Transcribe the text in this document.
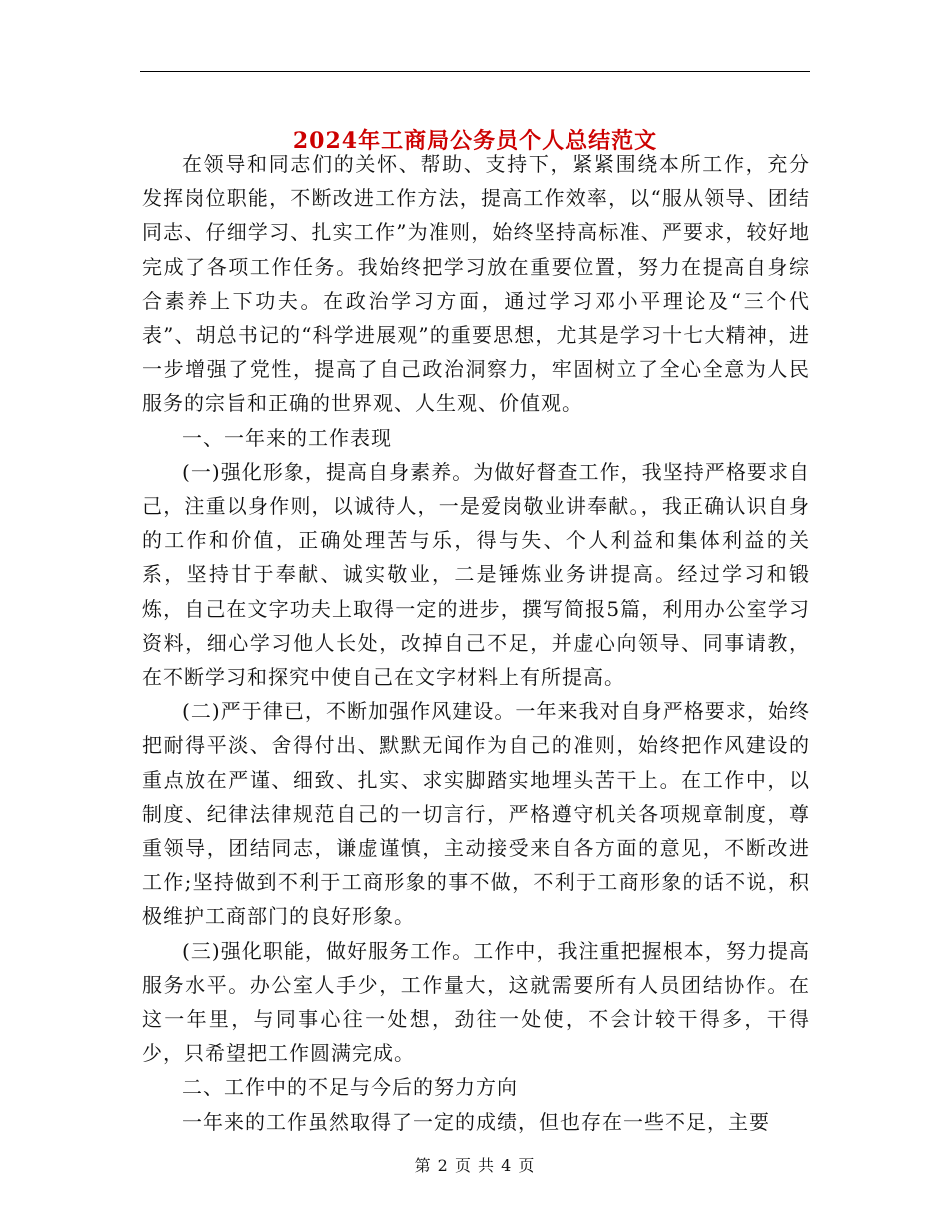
2024年工商局公务员个人总结范文

在领导和同志们的关怀、帮助、支持下，紧紧围绕本所工作，充分发挥岗位职能，不断改进工作方法，提高工作效率，以“服从领导、团结同志、仔细学习、扎实工作”为准则，始终坚持高标准、严要求，较好地完成了各项工作任务。我始终把学习放在重要位置，努力在提高自身综合素养上下功夫。在政治学习方面，通过学习邓小平理论及“三个代表”、胡总书记的“科学进展观”的重要思想，尤其是学习十七大精神，进一步增强了党性，提高了自己政治洞察力，牢固树立了全心全意为人民服务的宗旨和正确的世界观、人生观、价值观。

一、一年来的工作表现

(一)强化形象，提高自身素养。为做好督查工作，我坚持严格要求自己，注重以身作则，以诚待人，一是爱岗敬业讲奉献。，我正确认识自身的工作和价值，正确处理苦与乐，得与失、个人利益和集体利益的关系，坚持甘于奉献、诚实敬业，二是锤炼业务讲提高。经过学习和锻炼，自己在文字功夫上取得一定的进步，撰写简报5篇，利用办公室学习资料，细心学习他人长处，改掉自己不足，并虚心向领导、同事请教，在不断学习和探究中使自己在文字材料上有所提高。

(二)严于律已，不断加强作风建设。一年来我对自身严格要求，始终把耐得平淡、舍得付出、默默无闻作为自己的准则，始终把作风建设的重点放在严谨、细致、扎实、求实脚踏实地埋头苦干上。在工作中，以制度、纪律法律规范自己的一切言行，严格遵守机关各项规章制度，尊重领导，团结同志，谦虚谨慎，主动接受来自各方面的意见，不断改进工作;坚持做到不利于工商形象的事不做，不利于工商形象的话不说，积极维护工商部门的良好形象。

(三)强化职能，做好服务工作。工作中，我注重把握根本，努力提高服务水平。办公室人手少，工作量大，这就需要所有人员团结协作。在这一年里，与同事心往一处想，劲往一处使，不会计较干得多，干得少，只希望把工作圆满完成。

二、工作中的不足与今后的努力方向

一年来的工作虽然取得了一定的成绩，但也存在一些不足，主要

第 2 页 共 4 页
